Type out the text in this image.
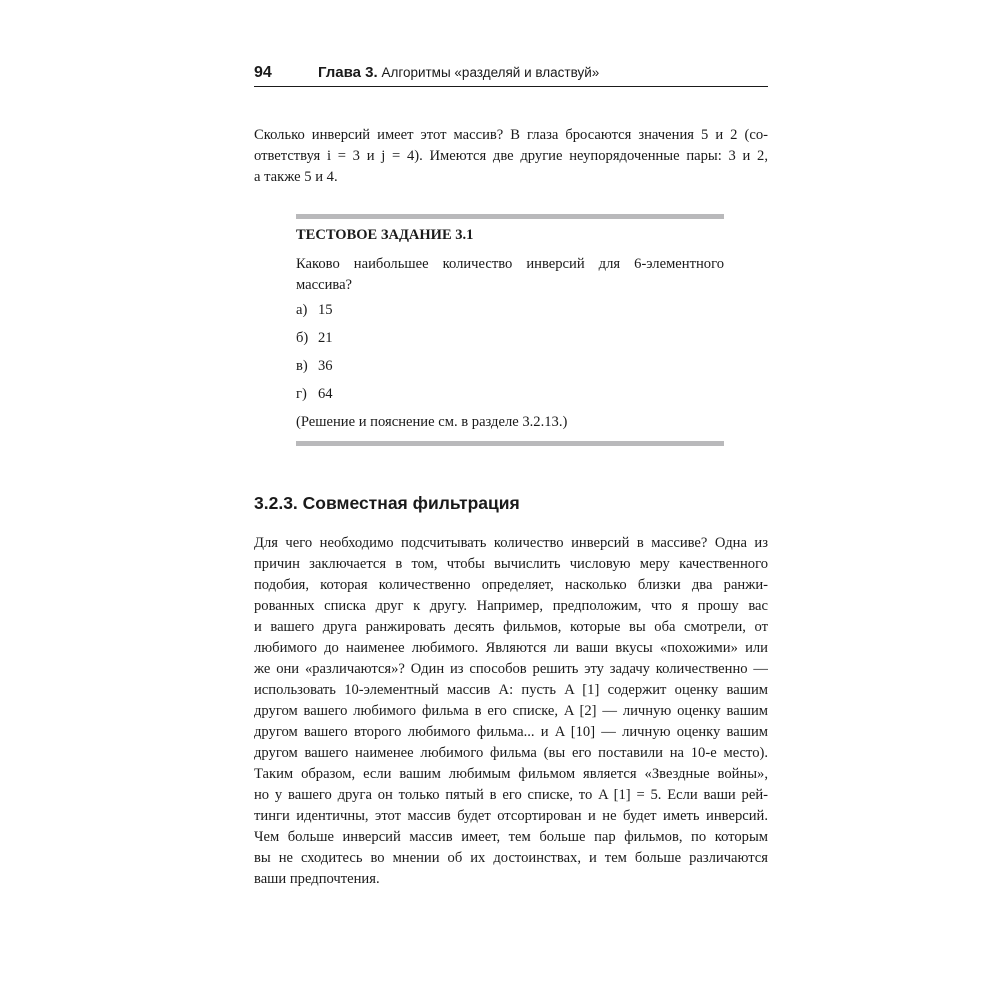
94	Глава 3. Алгоритмы «разделяй и властвуй»
Сколько инверсий имеет этот массив? В глаза бросаются значения 5 и 2 (со-
ответствуя i = 3 и j = 4). Имеются две другие неупорядоченные пары: 3 и 2,
а также 5 и 4.
ТЕСТОВОЕ ЗАДАНИЕ 3.1
Каково наибольшее количество инверсий для 6-элементного
массива?
а) 15
б) 21
в) 36
г) 64
(Решение и пояснение см. в разделе 3.2.13.)
3.2.3. Совместная фильтрация
Для чего необходимо подсчитывать количество инверсий в массиве? Одна из
причин заключается в том, чтобы вычислить числовую меру качественного
подобия, которая количественно определяет, насколько близки два ранжи-
рованных списка друг к другу. Например, предположим, что я прошу вас
и вашего друга ранжировать десять фильмов, которые вы оба смотрели, от
любимого до наименее любимого. Являются ли ваши вкусы «похожими» или
же они «различаются»? Один из способов решить эту задачу количественно —
использовать 10-элементный массив A: пусть A [1] содержит оценку вашим
другом вашего любимого фильма в его списке, A [2] — личную оценку вашим
другом вашего второго любимого фильма... и A [10] — личную оценку вашим
другом вашего наименее любимого фильма (вы его поставили на 10-е место).
Таким образом, если вашим любимым фильмом является «Звездные войны»,
но у вашего друга он только пятый в его списке, то A [1] = 5. Если ваши рей-
тинги идентичны, этот массив будет отсортирован и не будет иметь инверсий.
Чем больше инверсий массив имеет, тем больше пар фильмов, по которым
вы не сходитесь во мнении об их достоинствах, и тем больше различаются
ваши предпочтения.
